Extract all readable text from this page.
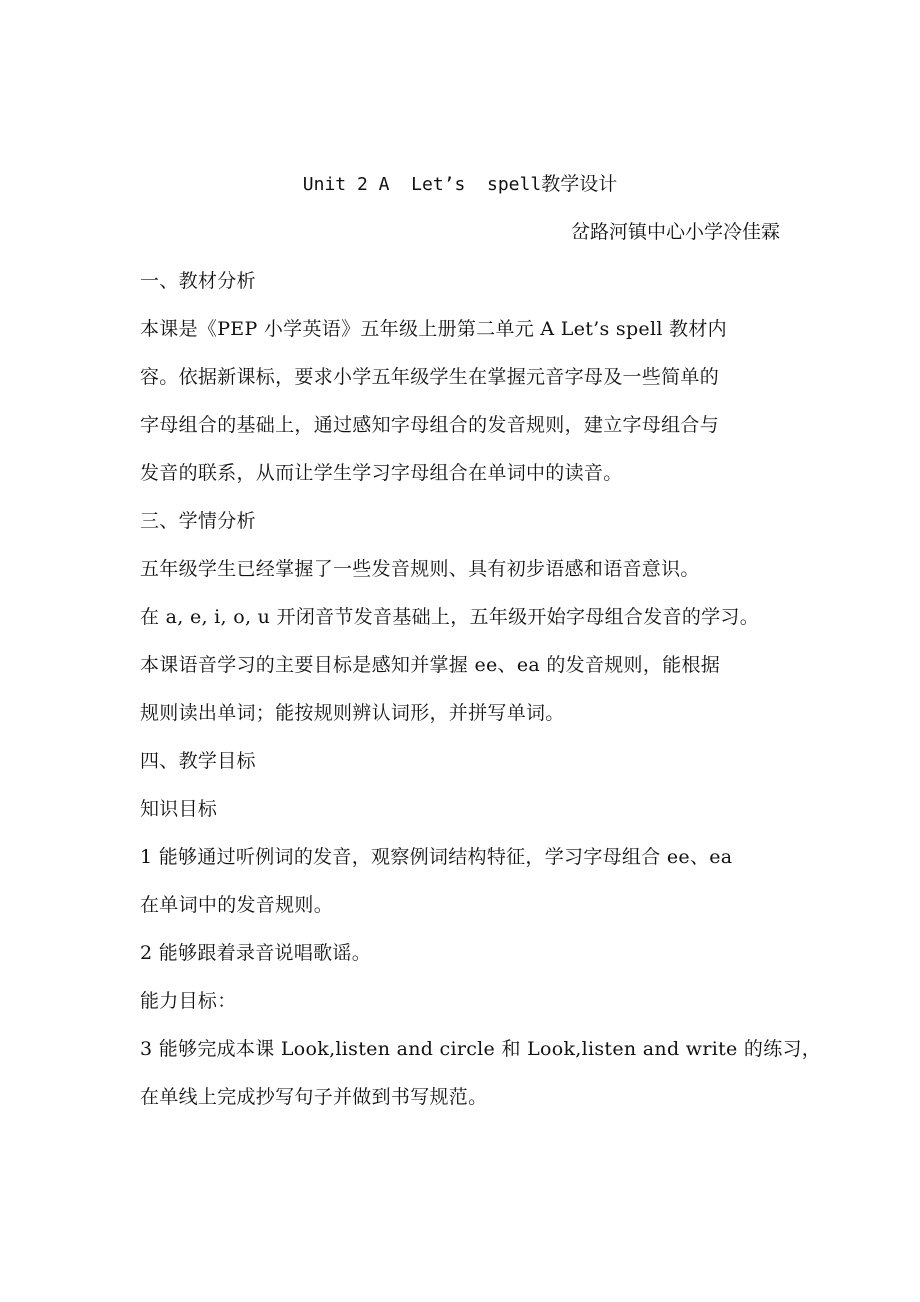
Unit 2 A  Let’s  spell教学设计
岔路河镇中心小学冷佳霖
一、教材分析
本课是《PEP 小学英语》五年级上册第二单元 A Let’s spell 教材内
容。依据新课标，要求小学五年级学生在掌握元音字母及一些简单的
字母组合的基础上，通过感知字母组合的发音规则，建立字母组合与
发音的联系，从而让学生学习字母组合在单词中的读音。
三、学情分析
五年级学生已经掌握了一些发音规则、具有初步语感和语音意识。
在 a, e, i, o, u 开闭音节发音基础上，五年级开始字母组合发音的学习。
本课语音学习的主要目标是感知并掌握 ee、ea 的发音规则，能根据
规则读出单词；能按规则辨认词形，并拼写单词。
四、教学目标
知识目标
1 能够通过听例词的发音，观察例词结构特征，学习字母组合 ee、ea
在单词中的发音规则。
2 能够跟着录音说唱歌谣。
能力目标：
3 能够完成本课 Look,listen and circle 和 Look,listen and write 的练习，
在单线上完成抄写句子并做到书写规范。
